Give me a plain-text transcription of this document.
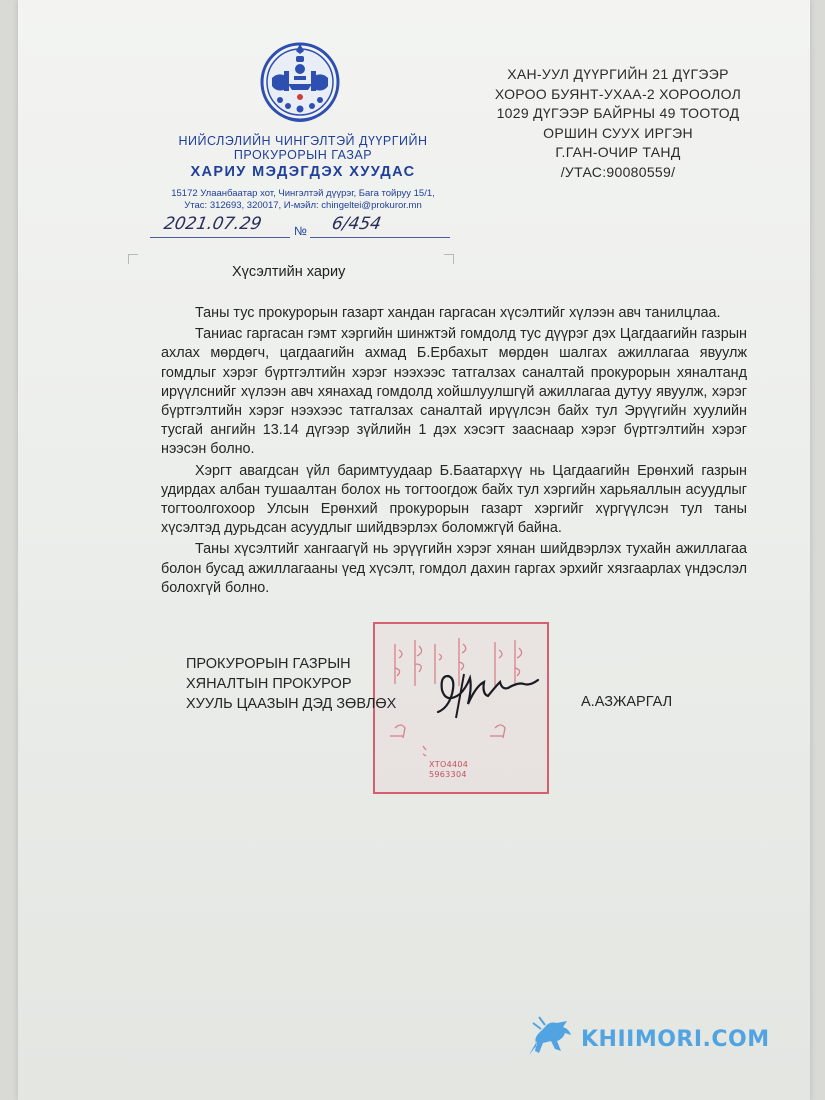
НИЙСЛЭЛИЙН ЧИНГЭЛТЭЙ ДҮҮРГИЙН
ПРОКУРОРЫН ГАЗАР
ХАРИУ МЭДЭГДЭХ ХУУДАС
15172 Улаанбаатар хот, Чингэлтэй дүүрэг, Бага тойруу 15/1,
Утас: 312693, 320017, И-мэйл: chingeltei@prokuror.mn
2021.07.29	№ 6/454
ХАН-УУЛ ДҮҮРГИЙН 21 ДҮГЭЭР
ХОРОО БУЯНТ-УХАА-2 ХОРООЛОЛ
1029 ДҮГЭЭР БАЙРНЫ 49 ТООТОД
ОРШИН СУУХ ИРГЭН
Г.ГАН-ОЧИР ТАНД
/УТАС:90080559/
Хүсэлтийн хариу

Таны тус прокурорын газарт хандан гаргасан хүсэлтийг хүлээн авч танилцлаа.

Таниас гаргасан гэмт хэргийн шинжтэй гомдолд тус дүүрэг дэх Цагдаагийн газрын ахлах мөрдөгч, цагдаагийн ахмад Б.Ербахыт мөрдөн шалгах ажиллагаа явуулж гомдлыг хэрэг бүртгэлтийн хэрэг нээхээс татгалзах саналтай прокурорын хяналтанд ирүүлснийг хүлээн авч хянахад гомдолд хойшлуулшгүй ажиллагаа дутуу явуулж, хэрэг бүртгэлтийн хэрэг нээхээс татгалзах саналтай ирүүлсэн байх тул Эрүүгийн хуулийн тусгай ангийн 13.14 дүгээр зүйлийн 1 дэх хэсэгт зааснаар хэрэг бүртгэлтийн хэрэг нээсэн болно.

Хэргт авагдсан үйл баримтуудаар Б.Баатархүү нь Цагдаагийн Ерөнхий газрын удирдах албан тушаалтан болох нь тогтоогдож байх тул хэргийн харьяаллын асуудлыг тогтоолгохоор Улсын Ерөнхий прокурорын газарт хэргийг хүргүүлсэн тул таны хүсэлтэд дурьдсан асуудлыг шийдвэрлэх боломжгүй байна.

Таны хүсэлтийг хангаагүй нь эрүүгийн хэрэг хянан шийдвэрлэх тухайн ажиллагаа болон бусад ажиллагааны үед хүсэлт, гомдол дахин гаргах эрхийг хязгаарлах үндэслэл болохгүй болно.

ХТО4404
5963304
ПРОКУРОРЫН ГАЗРЫН
ХЯНАЛТЫН ПРОКУРОР
ХУУЛЬ ЦААЗЫН ДЭД ЗӨВЛӨХ	А.АЗЖАРГАЛ
KHIIMORI.COM
